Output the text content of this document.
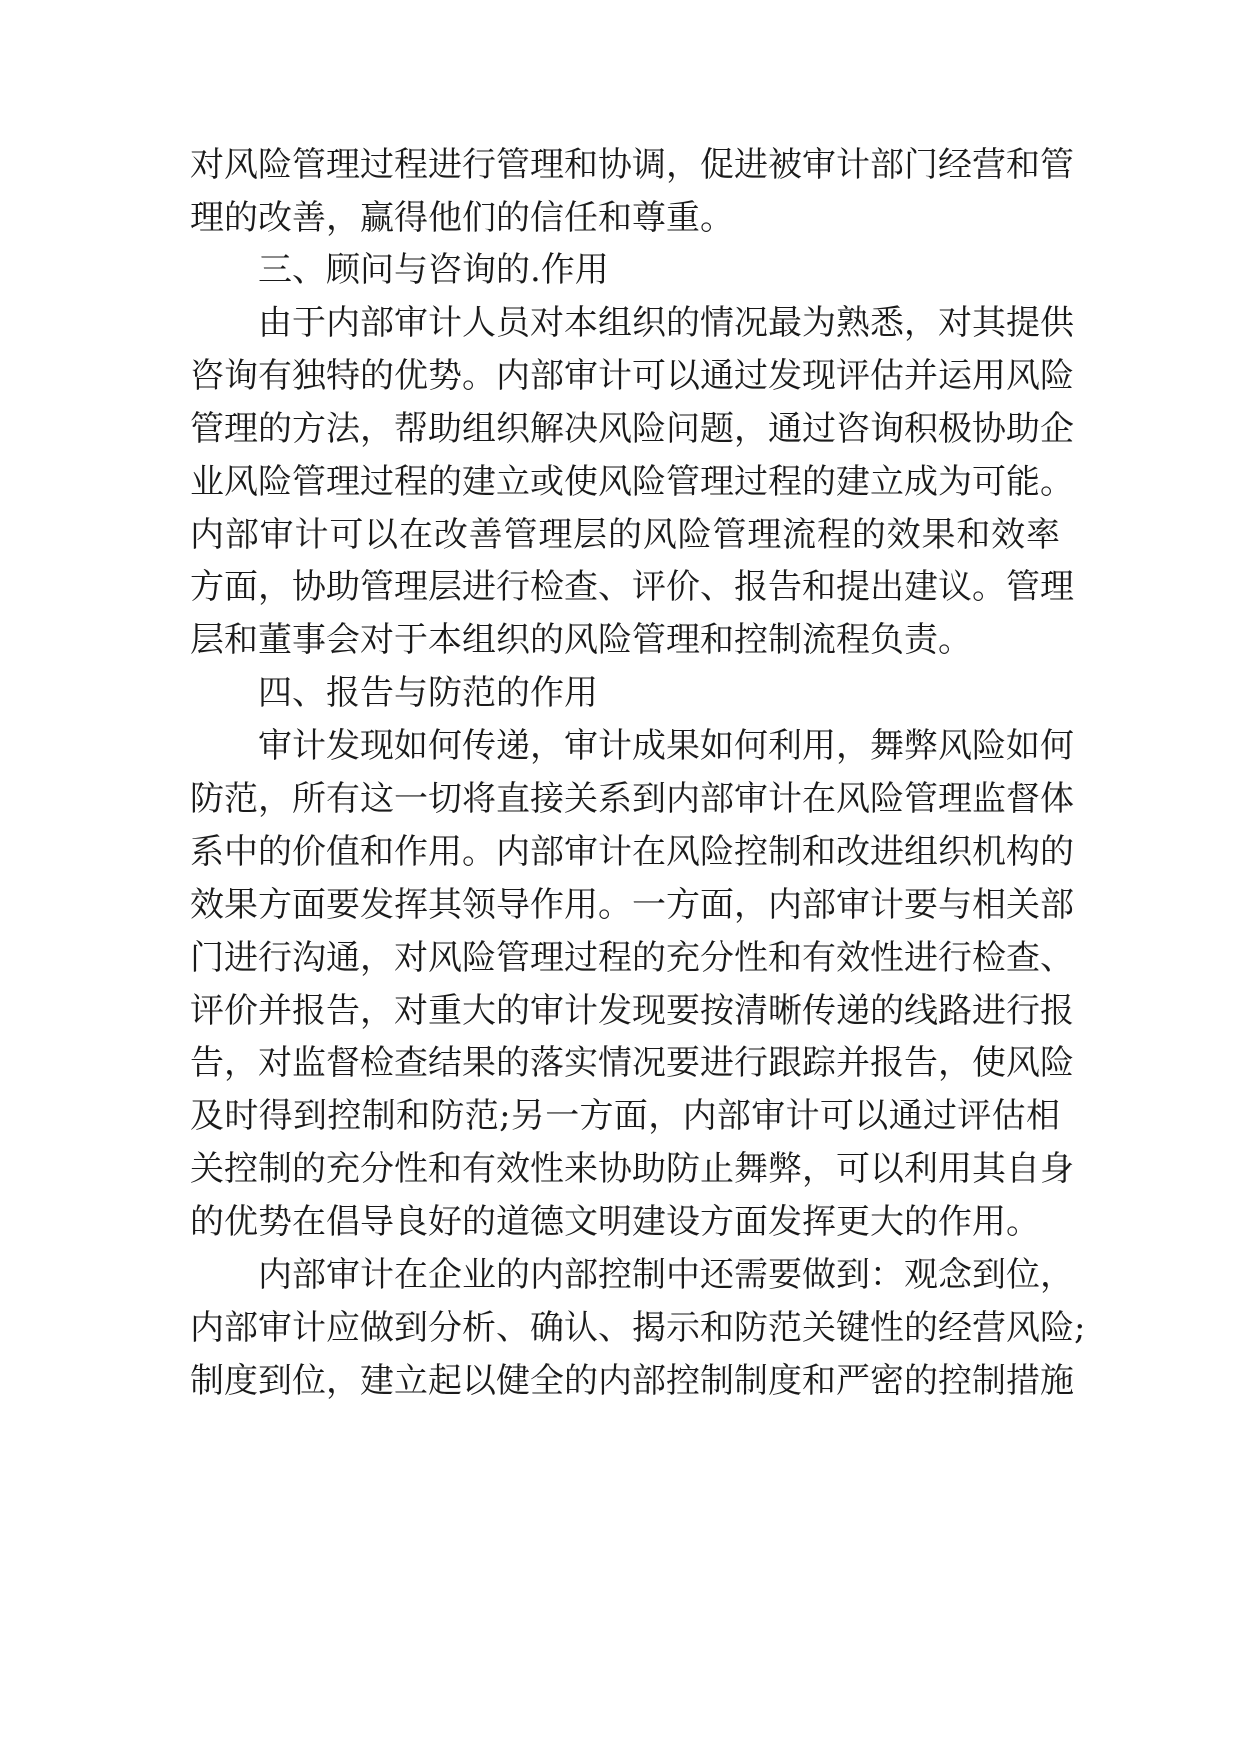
对风险管理过程进行管理和协调，促进被审计部门经营和管
理的改善，赢得他们的信任和尊重。
三、顾问与咨询的.作用
由于内部审计人员对本组织的情况最为熟悉，对其提供
咨询有独特的优势。内部审计可以通过发现评估并运用风险
管理的方法，帮助组织解决风险问题，通过咨询积极协助企
业风险管理过程的建立或使风险管理过程的建立成为可能。
内部审计可以在改善管理层的风险管理流程的效果和效率
方面，协助管理层进行检查、评价、报告和提出建议。管理
层和董事会对于本组织的风险管理和控制流程负责。
四、报告与防范的作用
审计发现如何传递，审计成果如何利用，舞弊风险如何
防范，所有这一切将直接关系到内部审计在风险管理监督体
系中的价值和作用。内部审计在风险控制和改进组织机构的
效果方面要发挥其领导作用。一方面，内部审计要与相关部
门进行沟通，对风险管理过程的充分性和有效性进行检查、
评价并报告，对重大的审计发现要按清晰传递的线路进行报
告，对监督检查结果的落实情况要进行跟踪并报告，使风险
及时得到控制和防范;另一方面，内部审计可以通过评估相
关控制的充分性和有效性来协助防止舞弊，可以利用其自身
的优势在倡导良好的道德文明建设方面发挥更大的作用。
内部审计在企业的内部控制中还需要做到：观念到位，
内部审计应做到分析、确认、揭示和防范关键性的经营风险;
制度到位，建立起以健全的内部控制制度和严密的控制措施
